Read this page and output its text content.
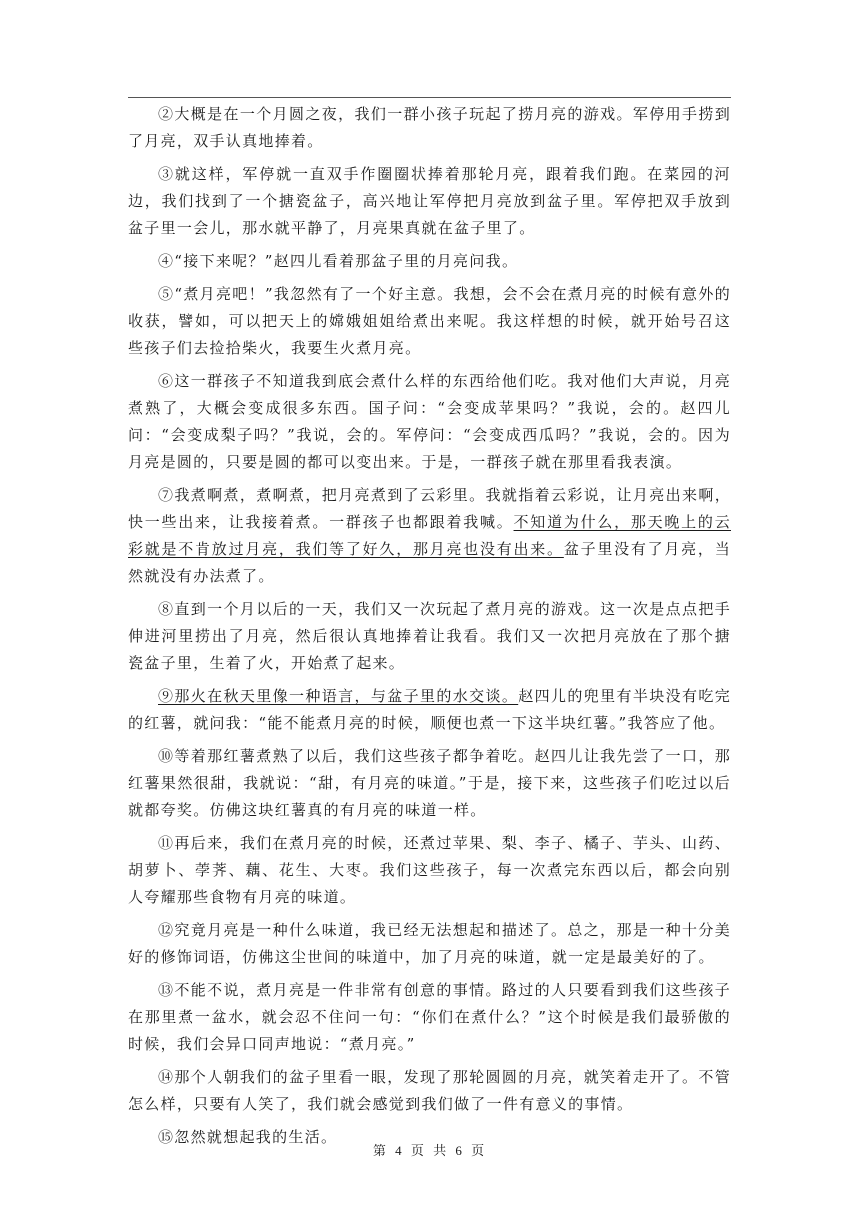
②大概是在一个月圆之夜，我们一群小孩子玩起了捞月亮的游戏。军停用手捞到了月亮，双手认真地捧着。

③就这样，军停就一直双手作圈圈状捧着那轮月亮，跟着我们跑。在菜园的河边，我们找到了一个搪瓷盆子，高兴地让军停把月亮放到盆子里。军停把双手放到盆子里一会儿，那水就平静了，月亮果真就在盆子里了。

④“接下来呢？”赵四儿看着那盆子里的月亮问我。

⑤“煮月亮吧！”我忽然有了一个好主意。我想，会不会在煮月亮的时候有意外的收获，譬如，可以把天上的嫦娥姐姐给煮出来呢。我这样想的时候，就开始号召这些孩子们去捡拾柴火，我要生火煮月亮。

⑥这一群孩子不知道我到底会煮什么样的东西给他们吃。我对他们大声说，月亮煮熟了，大概会变成很多东西。国子问：“会变成苹果吗？”我说，会的。赵四儿问：“会变成梨子吗？”我说，会的。军停问：“会变成西瓜吗？”我说，会的。因为月亮是圆的，只要是圆的都可以变出来。于是，一群孩子就在那里看我表演。

⑦我煮啊煮，煮啊煮，把月亮煮到了云彩里。我就指着云彩说，让月亮出来啊，快一些出来，让我接着煮。一群孩子也都跟着我喊。不知道为什么，那天晚上的云彩就是不肯放过月亮，我们等了好久，那月亮也没有出来。盆子里没有了月亮，当然就没有办法煮了。

⑧直到一个月以后的一天，我们又一次玩起了煮月亮的游戏。这一次是点点把手伸进河里捞出了月亮，然后很认真地捧着让我看。我们又一次把月亮放在了那个搪瓷盆子里，生着了火，开始煮了起来。

⑨那火在秋天里像一种语言，与盆子里的水交谈。赵四儿的兜里有半块没有吃完的红薯，就问我：“能不能煮月亮的时候，顺便也煮一下这半块红薯。”我答应了他。

⑩等着那红薯煮熟了以后，我们这些孩子都争着吃。赵四儿让我先尝了一口，那红薯果然很甜，我就说：“甜，有月亮的味道。”于是，接下来，这些孩子们吃过以后就都夸奖。仿佛这块红薯真的有月亮的味道一样。

⑪再后来，我们在煮月亮的时候，还煮过苹果、梨、李子、橘子、芋头、山药、胡萝卜、荸荠、藕、花生、大枣。我们这些孩子，每一次煮完东西以后，都会向别人夸耀那些食物有月亮的味道。

⑫究竟月亮是一种什么味道，我已经无法想起和描述了。总之，那是一种十分美好的修饰词语，仿佛这尘世间的味道中，加了月亮的味道，就一定是最美好的了。

⑬不能不说，煮月亮是一件非常有创意的事情。路过的人只要看到我们这些孩子在那里煮一盆水，就会忍不住问一句：“你们在煮什么？”这个时候是我们最骄傲的时候，我们会异口同声地说：“煮月亮。”

⑭那个人朝我们的盆子里看一眼，发现了那轮圆圆的月亮，就笑着走开了。不管怎么样，只要有人笑了，我们就会感觉到我们做了一件有意义的事情。

⑮忽然就想起我的生活。

第 4 页 共 6 页
